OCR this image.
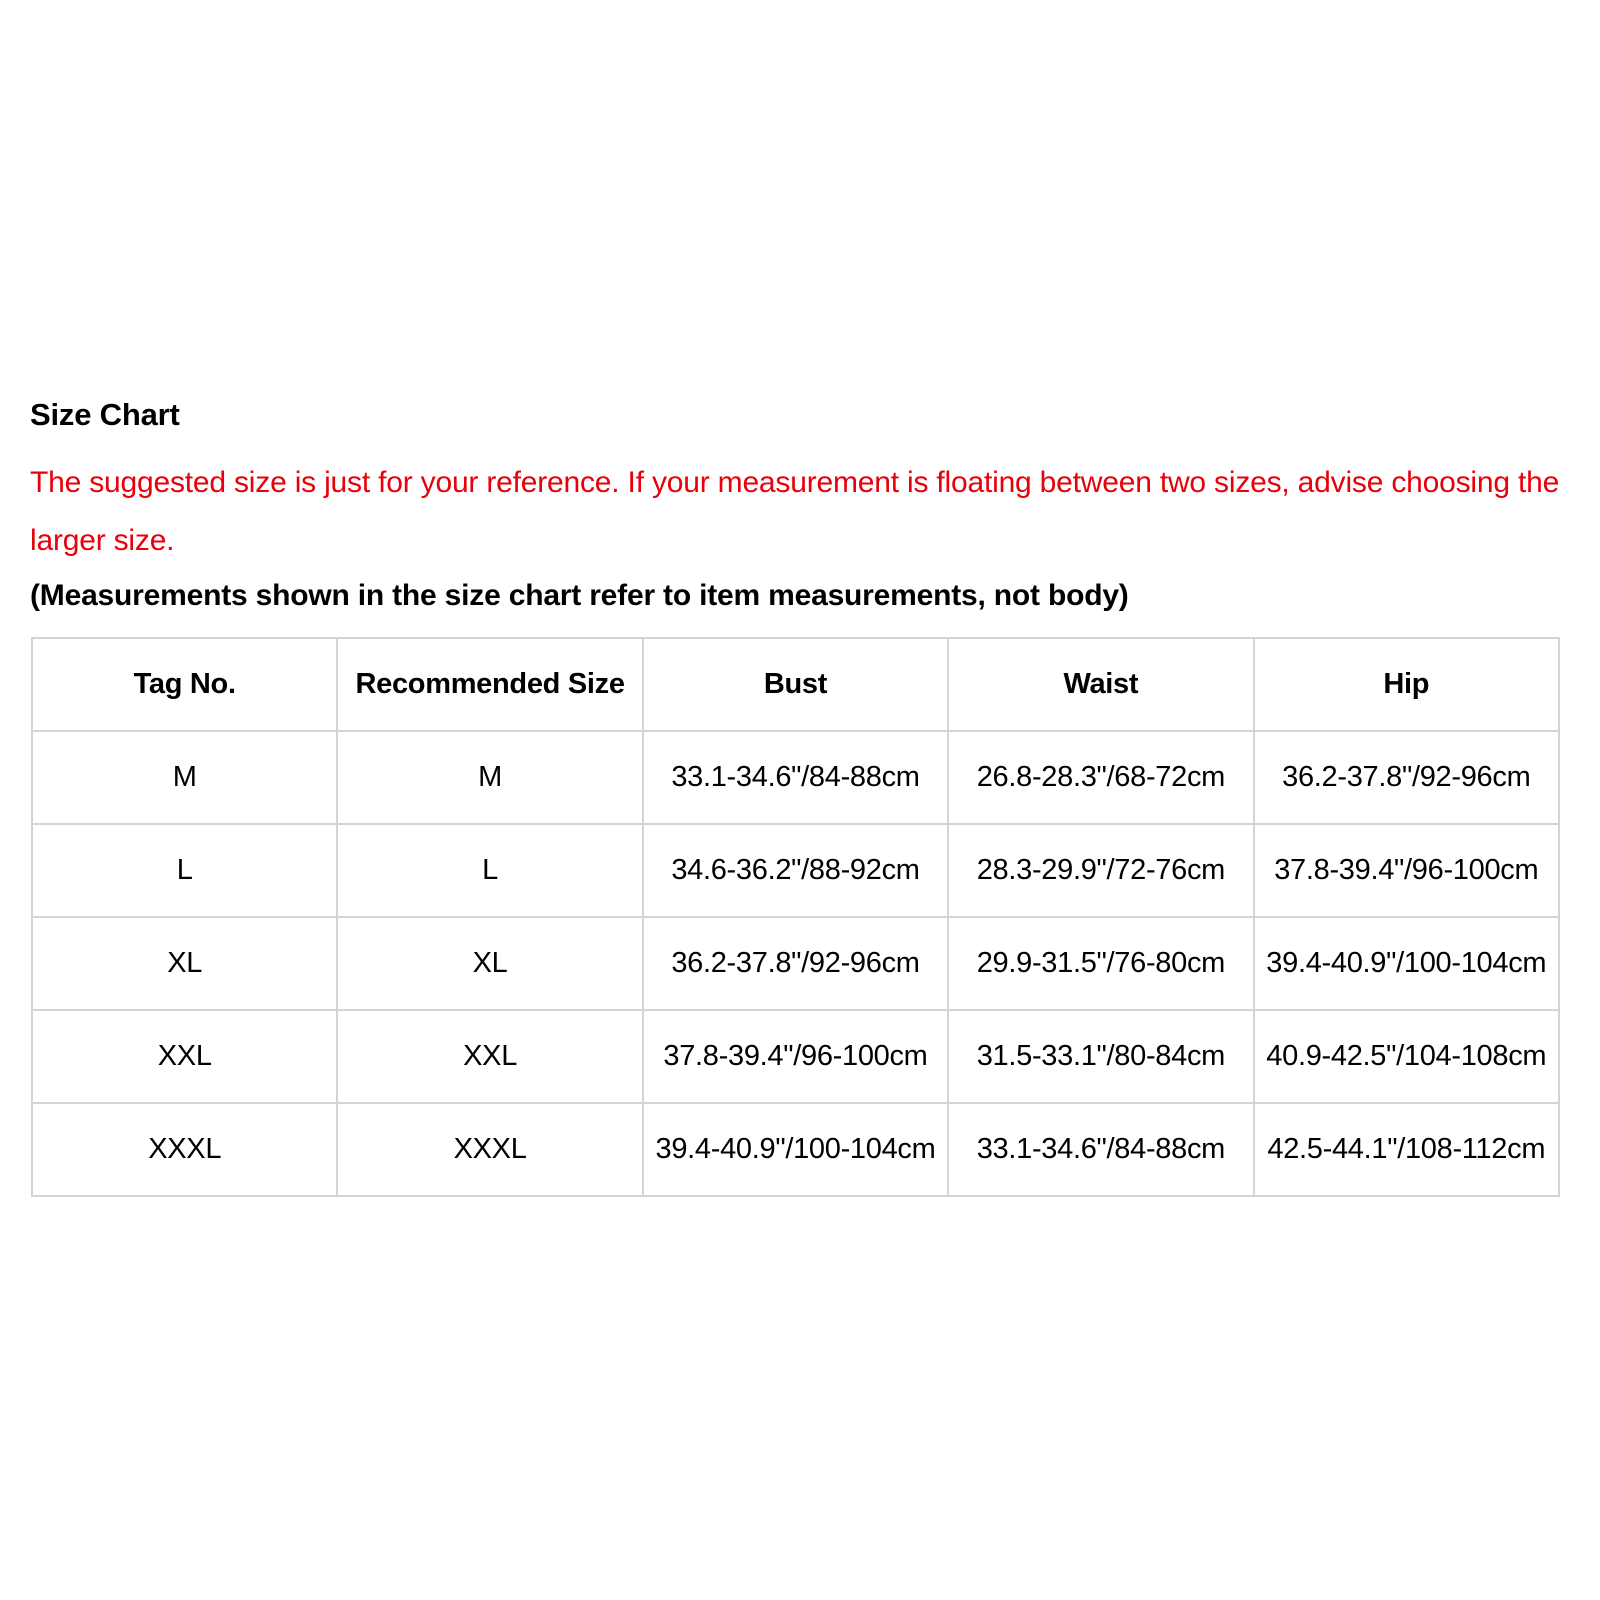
Size Chart

The suggested size is just for your reference. If your measurement is floating between two sizes, advise choosing the larger size.

(Measurements shown in the size chart refer to item measurements, not body)

Tag No.	Recommended Size	Bust	Waist	Hip
M	M	33.1-34.6"/84-88cm	26.8-28.3"/68-72cm	36.2-37.8"/92-96cm
L	L	34.6-36.2"/88-92cm	28.3-29.9"/72-76cm	37.8-39.4"/96-100cm
XL	XL	36.2-37.8"/92-96cm	29.9-31.5"/76-80cm	39.4-40.9"/100-104cm
XXL	XXL	37.8-39.4"/96-100cm	31.5-33.1"/80-84cm	40.9-42.5"/104-108cm
XXXL	XXXL	39.4-40.9"/100-104cm	33.1-34.6"/84-88cm	42.5-44.1"/108-112cm
